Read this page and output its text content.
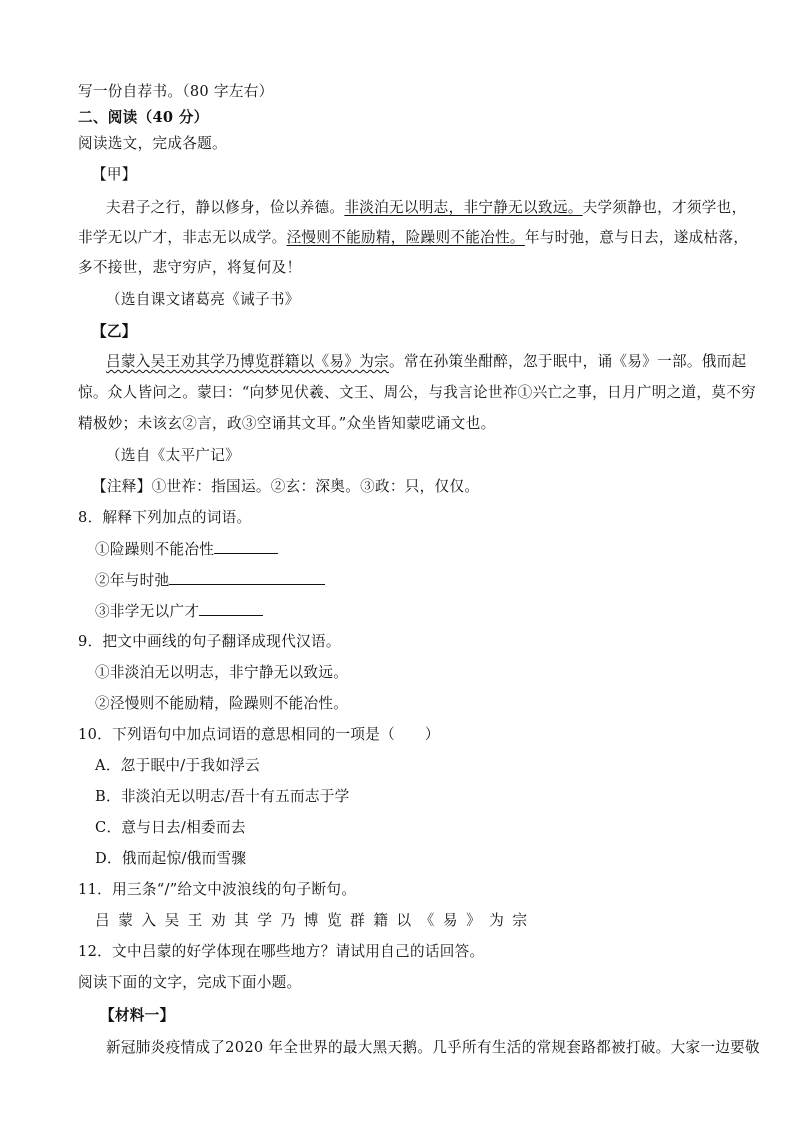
写一份自荐书。（80 字左右）
二、阅读（40 分）
阅读选文，完成各题。
【甲】
夫君子之行，静以修身，俭以养德。非淡泊无以明志，非宁静无以致远。夫学须静也，才须学也，
非学无以广才，非志无以成学。泾慢则不能励精，险躁则不能冶性。年与时弛，意与日去，遂成枯落，
多不接世，悲守穷庐，将复何及！
（选自课文诸葛亮《诫子书》
【乙】
吕蒙入吴王劝其学乃博览群籍以《易》为宗。常在孙策坐酣醉，忽于眠中，诵《易》一部。俄而起
惊。众人皆问之。蒙曰：“向梦见伏羲、文王、周公，与我言论世祚①兴亡之事，日月广明之道，莫不穷
精极妙；未该玄②言，政③空诵其文耳。”众坐皆知蒙呓诵文也。
（选自《太平广记》
【注释】①世祚：指国运。②玄：深奥。③政：只，仅仅。
8．解释下列加点的词语。
①险躁则不能冶性
②年与时弛
③非学无以广才
9．把文中画线的句子翻译成现代汉语。
①非淡泊无以明志，非宁静无以致远。
②泾慢则不能励精，险躁则不能冶性。
10．下列语句中加点词语的意思相同的一项是（　　）
A．忽于眠中/于我如浮云
B．非淡泊无以明志/吾十有五而志于学
C．意与日去/相委而去
D．俄而起惊/俄而雪骤
11．用三条“/”给文中波浪线的句子断句。
吕蒙入吴王劝其学乃博览群籍以《易》为宗
12．文中吕蒙的好学体现在哪些地方？请试用自己的话回答。
阅读下面的文字，完成下面小题。
【材料一】
新冠肺炎疫情成了2020 年全世界的最大黑天鹅。几乎所有生活的常规套路都被打破。大家一边要敬
